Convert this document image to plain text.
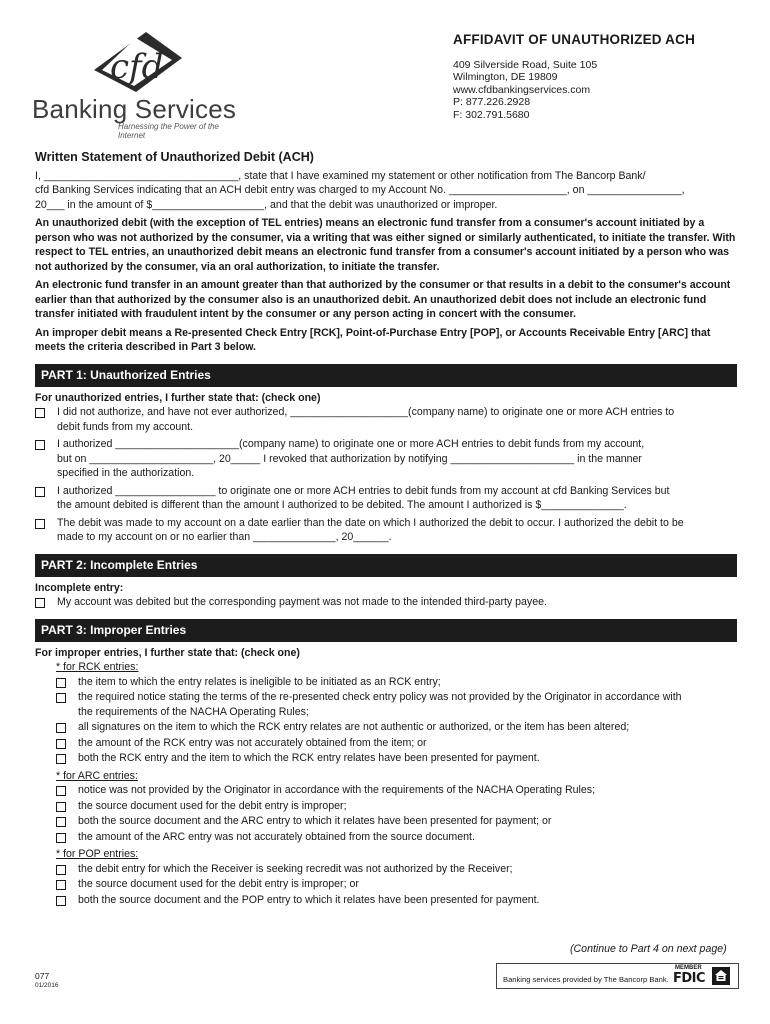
cfd
Banking Services
Harnessing the Power of the Internet
AFFIDAVIT OF UNAUTHORIZED ACH
409 Silverside Road, Suite 105
Wilmington, DE 19809
www.cfdbankingservices.com
P: 877.226.2928
F: 302.791.5680
Written Statement of Unauthorized Debit (ACH)

I, _________________________________, state that I have examined my statement or other notification from The Bancorp Bank/

cfd Banking Services indicating that an ACH debit entry was charged to my Account No. ____________________, on ________________,

20___ in the amount of $___________________, and that the debit was unauthorized or improper.

An unauthorized debit (with the exception of TEL entries) means an electronic fund transfer from a consumer's account initiated by a person who was not authorized by the consumer, via a writing that was either signed or similarly authenticated, to initiate the transfer. With respect to TEL entries, an unauthorized debit means an electronic fund transfer from a consumer's account initiated by a person who was not authorized by the consumer, via an oral authorization, to initiate the transfer.

An electronic fund transfer in an amount greater than that authorized by the consumer or that results in a debit to the consumer's account earlier than that authorized by the consumer also is an unauthorized debit. An unauthorized debit does not include an electronic fund transfer initiated with fraudulent intent by the consumer or any person acting in concert with the consumer.

An improper debit means a Re-presented Check Entry [RCK], Point-of-Purchase Entry [POP], or Accounts Receivable Entry [ARC] that meets the criteria described in Part 3 below.

PART 1: Unauthorized Entries

For unauthorized entries, I further state that: (check one)

I did not authorize, and have not ever authorized, ____________________(company name) to originate one or more ACH entries to
debit funds from my account.
I authorized _____________________(company name) to originate one or more ACH entries to debit funds from my account,
but on _____________________, 20_____ I revoked that authorization by notifying _____________________ in the manner
specified in the authorization.
I authorized _________________ to originate one or more ACH entries to debit funds from my account at cfd Banking Services but
the amount debited is different than the amount I authorized to be debited. The amount I authorized is $______________.
The debit was made to my account on a date earlier than the date on which I authorized the debit to occur. I authorized the debit to be
made to my account on or no earlier than ______________, 20______.
PART 2: Incomplete Entries

Incomplete entry:

My account was debited but the corresponding payment was not made to the intended third-party payee.
PART 3: Improper Entries

For improper entries, I further state that: (check one)

* for RCK entries:

the item to which the entry relates is ineligible to be initiated as an RCK entry;
the required notice stating the terms of the re-presented check entry policy was not provided by the Originator in accordance with
the requirements of the NACHA Operating Rules;
all signatures on the item to which the RCK entry relates are not authentic or authorized, or the item has been altered;
the amount of the RCK entry was not accurately obtained from the item; or
both the RCK entry and the item to which the RCK entry relates have been presented for payment.

* for ARC entries:

notice was not provided by the Originator in accordance with the requirements of the NACHA Operating Rules;
the source document used for the debit entry is improper;
both the source document and the ARC entry to which it relates have been presented for payment; or
the amount of the ARC entry was not accurately obtained from the source document.

* for POP entries:

the debit entry for which the Receiver is seeking recredit was not authorized by the Receiver;
the source document used for the debit entry is improper; or
both the source document and the POP entry to which it relates have been presented for payment.
(Continue to Part 4 on next page)
077
01/2016
Banking services provided by The Bancorp Bank.
MEMBER
FDIC
